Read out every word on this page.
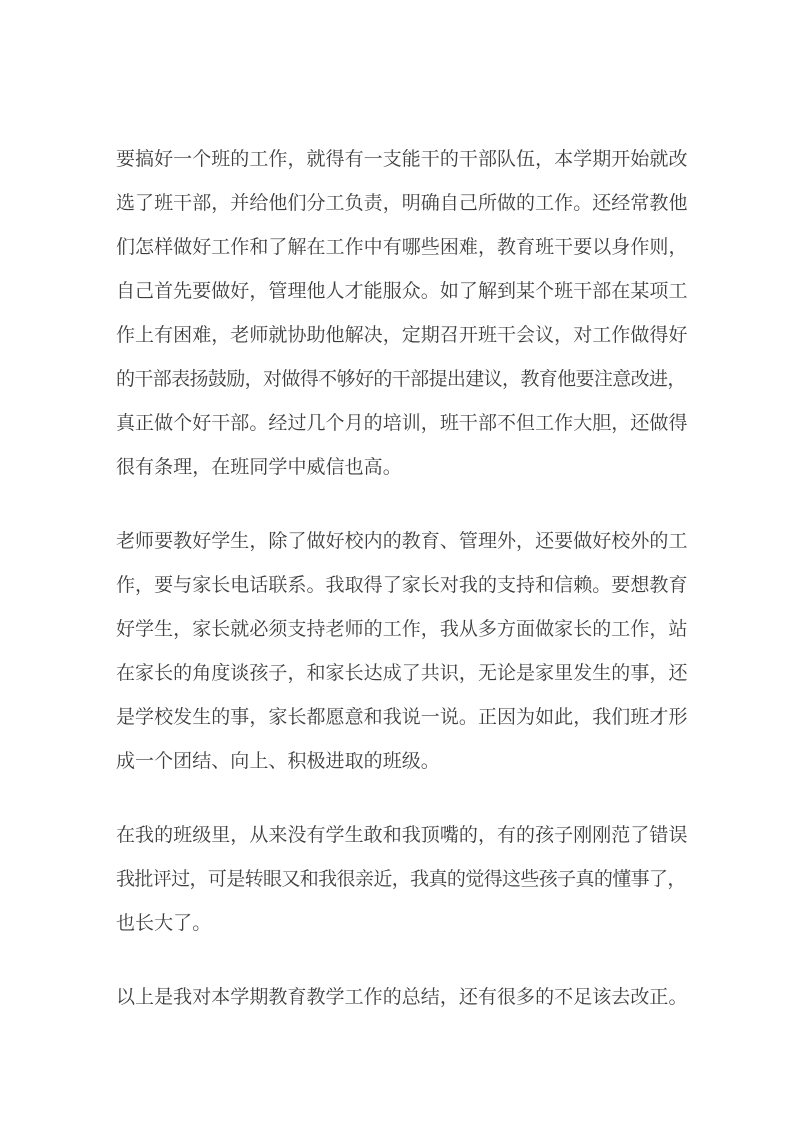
要搞好一个班的工作，就得有一支能干的干部队伍，本学期开始就改
选了班干部，并给他们分工负责，明确自己所做的工作。还经常教他
们怎样做好工作和了解在工作中有哪些困难，教育班干要以身作则，
自己首先要做好，管理他人才能服众。如了解到某个班干部在某项工
作上有困难，老师就协助他解决，定期召开班干会议，对工作做得好
的干部表扬鼓励，对做得不够好的干部提出建议，教育他要注意改进，
真正做个好干部。经过几个月的培训，班干部不但工作大胆，还做得
很有条理，在班同学中威信也高。
老师要教好学生，除了做好校内的教育、管理外，还要做好校外的工
作，要与家长电话联系。我取得了家长对我的支持和信赖。要想教育
好学生，家长就必须支持老师的工作，我从多方面做家长的工作，站
在家长的角度谈孩子，和家长达成了共识，无论是家里发生的事，还
是学校发生的事，家长都愿意和我说一说。正因为如此，我们班才形
成一个团结、向上、积极进取的班级。
在我的班级里，从来没有学生敢和我顶嘴的，有的孩子刚刚范了错误
我批评过，可是转眼又和我很亲近，我真的觉得这些孩子真的懂事了，
也长大了。
以上是我对本学期教育教学工作的总结，还有很多的不足该去改正。
